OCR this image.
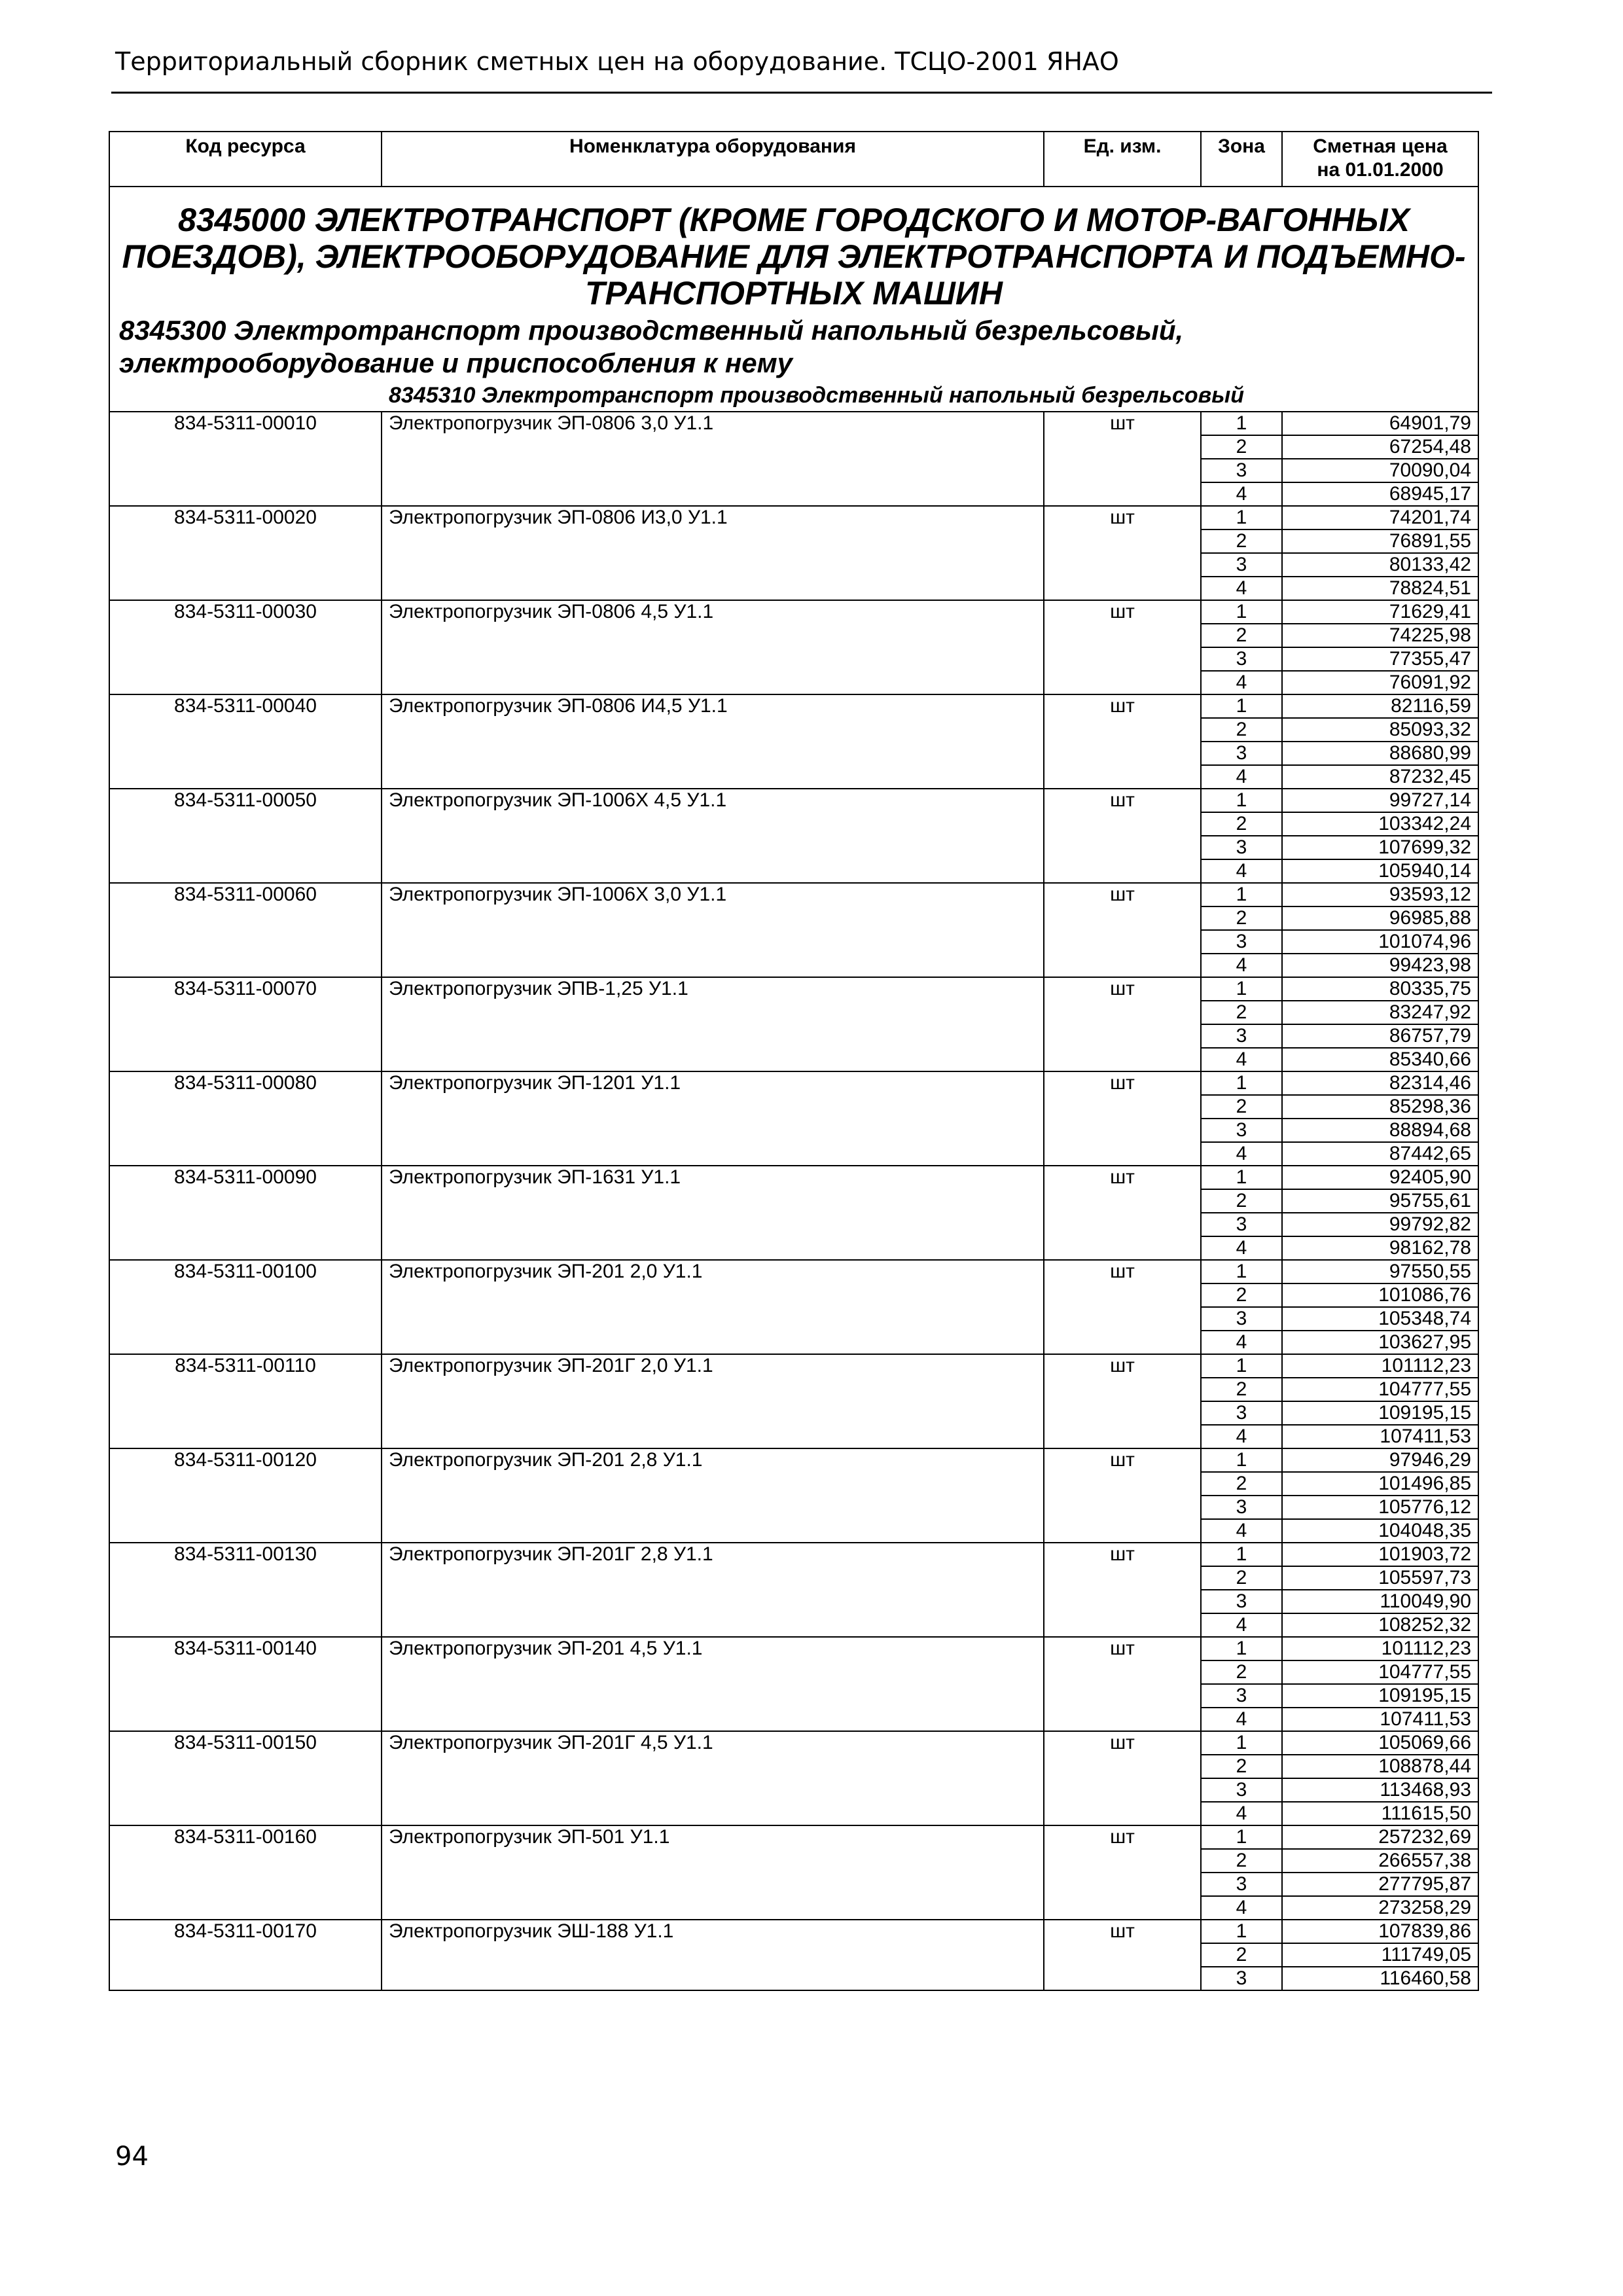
Территориальный сборник сметных цен на оборудование. ТСЦО-2001 ЯНАО
Код ресурса	Номенклатура оборудования	Ед. изм.	Зона	Сметная цена
на 01.01.2000

8345000 ЭЛЕКТРОТРАНСПОРТ (КРОМЕ ГОРОДСКОГО И МОТОР-ВАГОННЫХ ПОЕЗДОВ), ЭЛЕКТРООБОРУДОВАНИЕ ДЛЯ ЭЛЕКТРОТРАНСПОРТА И ПОДЪЕМНО-ТРАНСПОРТНЫХ МАШИН				
8345300 Электротранспорт производственный напольный безрельсовый, электрооборудование и приспособления к нему				
8345310 Электротранспорт производственный напольный безрельсовый				
834-5311-00010	Электропогрузчик ЭП-0806 3,0 У1.1	шт	1	64901,79
			2	67254,48
			3	70090,04
			4	68945,17
834-5311-00020	Электропогрузчик ЭП-0806 И3,0 У1.1	шт	1	74201,74
			2	76891,55
			3	80133,42
			4	78824,51
834-5311-00030	Электропогрузчик ЭП-0806 4,5 У1.1	шт	1	71629,41
			2	74225,98
			3	77355,47
			4	76091,92
834-5311-00040	Электропогрузчик ЭП-0806 И4,5 У1.1	шт	1	82116,59
			2	85093,32
			3	88680,99
			4	87232,45
834-5311-00050	Электропогрузчик ЭП-1006Х 4,5 У1.1	шт	1	99727,14
			2	103342,24
			3	107699,32
			4	105940,14
834-5311-00060	Электропогрузчик ЭП-1006Х 3,0 У1.1	шт	1	93593,12
			2	96985,88
			3	101074,96
			4	99423,98
834-5311-00070	Электропогрузчик ЭПВ-1,25 У1.1	шт	1	80335,75
			2	83247,92
			3	86757,79
			4	85340,66
834-5311-00080	Электропогрузчик ЭП-1201 У1.1	шт	1	82314,46
			2	85298,36
			3	88894,68
			4	87442,65
834-5311-00090	Электропогрузчик ЭП-1631 У1.1	шт	1	92405,90
			2	95755,61
			3	99792,82
			4	98162,78
834-5311-00100	Электропогрузчик ЭП-201 2,0 У1.1	шт	1	97550,55
			2	101086,76
			3	105348,74
			4	103627,95
834-5311-00110	Электропогрузчик ЭП-201Г 2,0 У1.1	шт	1	101112,23
			2	104777,55
			3	109195,15
			4	107411,53
834-5311-00120	Электропогрузчик ЭП-201 2,8 У1.1	шт	1	97946,29
			2	101496,85
			3	105776,12
			4	104048,35
834-5311-00130	Электропогрузчик ЭП-201Г 2,8 У1.1	шт	1	101903,72
			2	105597,73
			3	110049,90
			4	108252,32
834-5311-00140	Электропогрузчик ЭП-201 4,5 У1.1	шт	1	101112,23
			2	104777,55
			3	109195,15
			4	107411,53
834-5311-00150	Электропогрузчик ЭП-201Г 4,5 У1.1	шт	1	105069,66
			2	108878,44
			3	113468,93
			4	111615,50
834-5311-00160	Электропогрузчик ЭП-501 У1.1	шт	1	257232,69
			2	266557,38
			3	277795,87
			4	273258,29
834-5311-00170	Электропогрузчик ЭШ-188 У1.1	шт	1	107839,86
			2	111749,05
			3	116460,58
94
